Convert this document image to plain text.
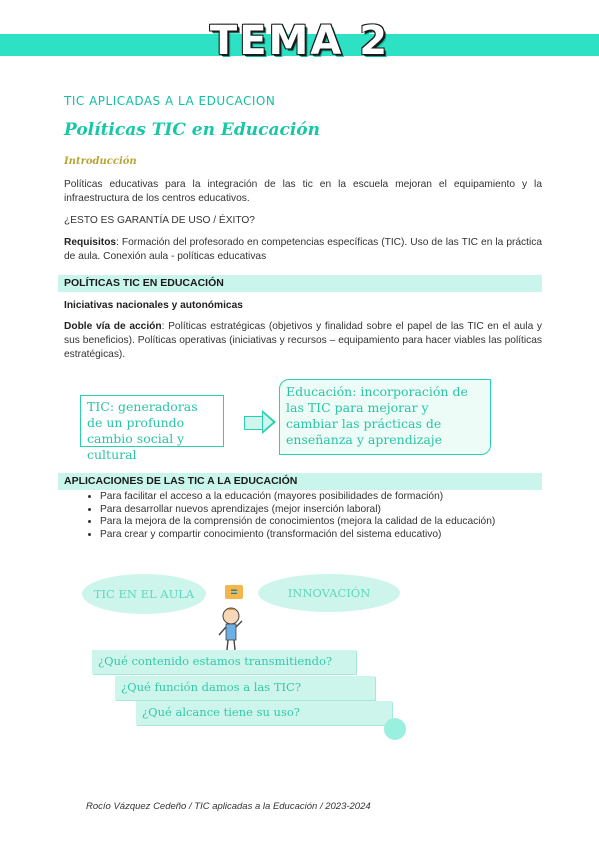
TEMA 2
TIC APLICADAS A LA EDUCACION
Políticas TIC en Educación
Introducción
Políticas educativas para la integración de las tic en la escuela mejoran el equipamiento y la infraestructura de los centros educativos.
¿ESTO ES GARANTÍA DE USO / ÉXITO?
Requisitos: Formación del profesorado en competencias específicas (TIC). Uso de las TIC en la práctica de aula. Conexión aula - políticas educativas
POLÍTICAS TIC EN EDUCACIÓN
Iniciativas nacionales y autonómicas
Doble vía de acción: Políticas estratégicas (objetivos y finalidad sobre el papel de las TIC en el aula y sus beneficios). Políticas operativas (iniciativas y recursos – equipamiento para hacer viables las políticas estratégicas).
TIC: generadoras de un profundo cambio social y cultural
Educación: incorporación de las TIC para mejorar y cambiar las prácticas de enseñanza y aprendizaje
APLICACIONES DE LAS TIC A LA EDUCACIÓN
• Para facilitar el acceso a la educación (mayores posibilidades de formación)
• Para desarrollar nuevos aprendizajes (mejor inserción laboral)
• Para la mejora de la comprensión de conocimientos (mejora la calidad de la educación)
• Para crear y compartir conocimiento (transformación del sistema educativo)
TIC EN EL AULA	INNOVACIÓN
=
¿Qué contenido estamos transmitiendo?
¿Qué función damos a las TIC?
¿Qué alcance tiene su uso?
Rocío Vázquez Cedeño / TIC aplicadas a la Educación / 2023-2024
